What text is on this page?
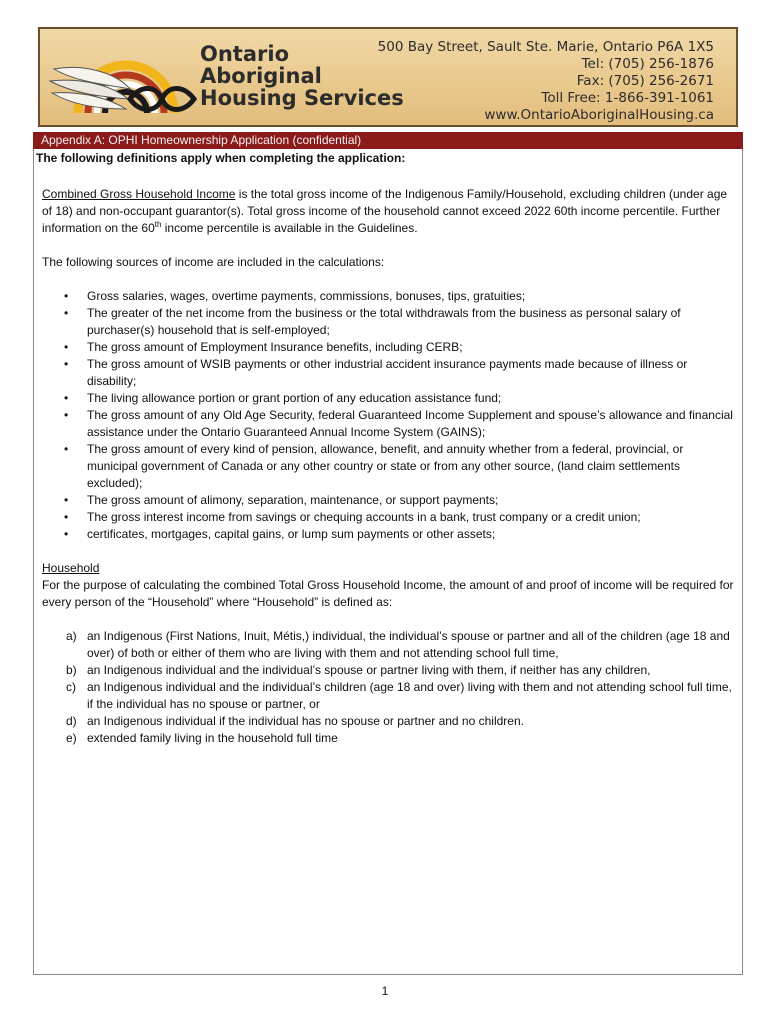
Ontario
Aboriginal
Housing Services
500 Bay Street, Sault Ste. Marie, Ontario P6A 1X5
Tel: (705) 256-1876
Fax: (705) 256-2671
Toll Free: 1-866-391-1061
www.OntarioAboriginalHousing.ca
Appendix A: OPHI Homeownership Application (confidential)
The following definitions apply when completing the application:

Combined Gross Household Income is the total gross income of the Indigenous Family/Household, excluding children (under age of 18) and non-occupant guarantor(s). Total gross income of the household cannot exceed 2022 60th income percentile. Further information on the 60th income percentile is available in the Guidelines.

The following sources of income are included in the calculations:

• Gross salaries, wages, overtime payments, commissions, bonuses, tips, gratuities;
• The greater of the net income from the business or the total withdrawals from the business as personal salary of purchaser(s) household that is self-employed;
• The gross amount of Employment Insurance benefits, including CERB;
• The gross amount of WSIB payments or other industrial accident insurance payments made because of illness or disability;
• The living allowance portion or grant portion of any education assistance fund;
• The gross amount of any Old Age Security, federal Guaranteed Income Supplement and spouse’s allowance and financial assistance under the Ontario Guaranteed Annual Income System (GAINS);
• The gross amount of every kind of pension, allowance, benefit, and annuity whether from a federal, provincial, or municipal government of Canada or any other country or state or from any other source, (land claim settlements excluded);
• The gross amount of alimony, separation, maintenance, or support payments;
• The gross interest income from savings or chequing accounts in a bank, trust company or a credit union;
• certificates, mortgages, capital gains, or lump sum payments or other assets;

Household

For the purpose of calculating the combined Total Gross Household Income, the amount of and proof of income will be required for every person of the “Household” where “Household” is defined as:

a) an Indigenous (First Nations, Inuit, Métis,) individual, the individual’s spouse or partner and all of the children (age 18 and over) of both or either of them who are living with them and not attending school full time,
b) an Indigenous individual and the individual’s spouse or partner living with them, if neither has any children,
c) an Indigenous individual and the individual’s children (age 18 and over) living with them and not attending school full time, if the individual has no spouse or partner, or
d) an Indigenous individual if the individual has no spouse or partner and no children.
e) extended family living in the household full time
1
